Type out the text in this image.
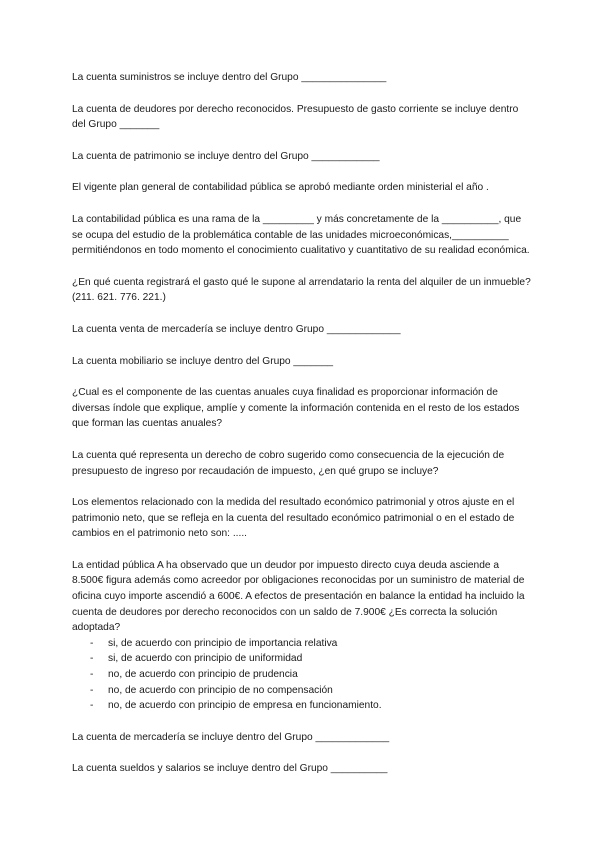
La cuenta suministros se incluye dentro del Grupo _______________

La cuenta de deudores por derecho reconocidos. Presupuesto de gasto corriente se incluye dentro del Grupo _______

La cuenta de patrimonio se incluye dentro del Grupo ____________

El vigente plan general de contabilidad pública se aprobó mediante orden ministerial el año .

La contabilidad pública es una rama de la _________ y más concretamente de la __________, que se ocupa del estudio de la problemática contable de las unidades microeconómicas,__________ permitiéndonos en todo momento el conocimiento cualitativo y cuantitativo de su realidad económica.

¿En qué cuenta registrará el gasto qué le supone al arrendatario la renta del alquiler de un inmueble? (211. 621. 776. 221.)

La cuenta venta de mercadería se incluye dentro Grupo _____________

La cuenta mobiliario se incluye dentro del Grupo _______

¿Cual es el componente de las cuentas anuales cuya finalidad es proporcionar información de diversas índole que explique, amplíe y comente la información contenida en el resto de los estados que forman las cuentas anuales?

La cuenta qué representa un derecho de cobro sugerido como consecuencia de la ejecución de presupuesto de ingreso por recaudación de impuesto, ¿en qué grupo se incluye?

Los elementos relacionado con la medida del resultado económico patrimonial y otros ajuste en el patrimonio neto, que se refleja en la cuenta del resultado económico patrimonial o en el estado de cambios en el patrimonio neto son: .....

La entidad pública A ha observado que un deudor por impuesto directo cuya deuda asciende a 8.500€ figura además como acreedor por obligaciones reconocidas por un suministro de material de oficina cuyo importe ascendió a 600€. A efectos de presentación en balance la entidad ha incluido la cuenta de deudores por derecho reconocidos con un saldo de 7.900€ ¿Es correcta la solución adoptada?

- si, de acuerdo con principio de importancia relativa
- si, de acuerdo con principio de uniformidad
- no, de acuerdo con principio de prudencia
- no, de acuerdo con principio de no compensación
- no, de acuerdo con principio de empresa en funcionamiento.

La cuenta de mercadería se incluye dentro del Grupo _____________

La cuenta sueldos y salarios se incluye dentro del Grupo __________
